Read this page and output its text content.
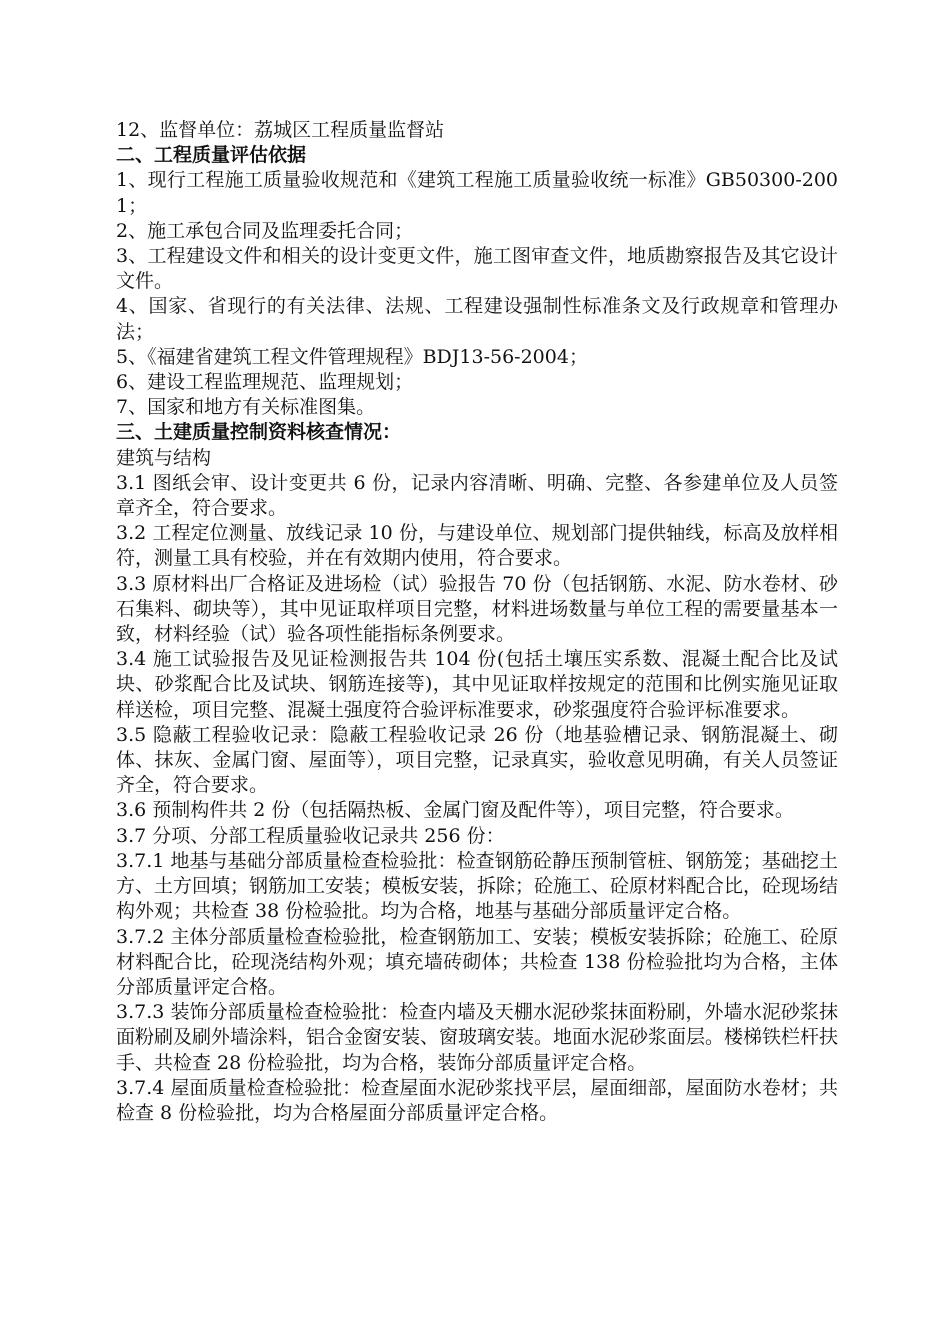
12、监督单位：荔城区工程质量监督站

二、工程质量评估依据

1、现行工程施工质量验收规范和《建筑工程施工质量验收统一标准》GB50300-2001；

2、施工承包合同及监理委托合同；

3、工程建设文件和相关的设计变更文件，施工图审查文件，地质勘察报告及其它设计文件。

4、国家、省现行的有关法律、法规、工程建设强制性标准条文及行政规章和管理办法；

5、《福建省建筑工程文件管理规程》BDJ13-56-2004；

6、建设工程监理规范、监理规划；

7、国家和地方有关标准图集。

三、土建质量控制资料核查情况：

建筑与结构

3.1 图纸会审、设计变更共 6 份，记录内容清晰、明确、完整、各参建单位及人员签章齐全，符合要求。

3.2 工程定位测量、放线记录 10 份，与建设单位、规划部门提供轴线，标高及放样相符，测量工具有校验，并在有效期内使用，符合要求。

3.3 原材料出厂合格证及进场检（试）验报告 70 份（包括钢筋、水泥、防水卷材、砂石集料、砌块等），其中见证取样项目完整，材料进场数量与单位工程的需要量基本一致，材料经验（试）验各项性能指标条例要求。

3.4 施工试验报告及见证检测报告共 104 份(包括土壤压实系数、混凝土配合比及试块、砂浆配合比及试块、钢筋连接等)，其中见证取样按规定的范围和比例实施见证取样送检，项目完整、混凝土强度符合验评标准要求，砂浆强度符合验评标准要求。

3.5 隐蔽工程验收记录：隐蔽工程验收记录 26 份（地基验槽记录、钢筋混凝土、砌体、抹灰、金属门窗、屋面等），项目完整，记录真实，验收意见明确，有关人员签证齐全，符合要求。

3.6 预制构件共 2 份（包括隔热板、金属门窗及配件等），项目完整，符合要求。

3.7 分项、分部工程质量验收记录共 256 份：

3.7.1 地基与基础分部质量检查检验批：检查钢筋砼静压预制管桩、钢筋笼；基础挖土方、土方回填；钢筋加工安装；模板安装，拆除；砼施工、砼原材料配合比，砼现场结构外观；共检查 38 份检验批。均为合格，地基与基础分部质量评定合格。

3.7.2 主体分部质量检查检验批，检查钢筋加工、安装；模板安装拆除；砼施工、砼原材料配合比，砼现浇结构外观；填充墙砖砌体；共检查 138 份检验批均为合格，主体分部质量评定合格。

3.7.3 装饰分部质量检查检验批：检查内墙及天棚水泥砂浆抹面粉刷，外墙水泥砂浆抹面粉刷及刷外墙涂料，铝合金窗安装、窗玻璃安装。地面水泥砂浆面层。楼梯铁栏杆扶手、共检查 28 份检验批，均为合格，装饰分部质量评定合格。

3.7.4 屋面质量检查检验批：检查屋面水泥砂浆找平层，屋面细部，屋面防水卷材；共检查 8 份检验批，均为合格屋面分部质量评定合格。
